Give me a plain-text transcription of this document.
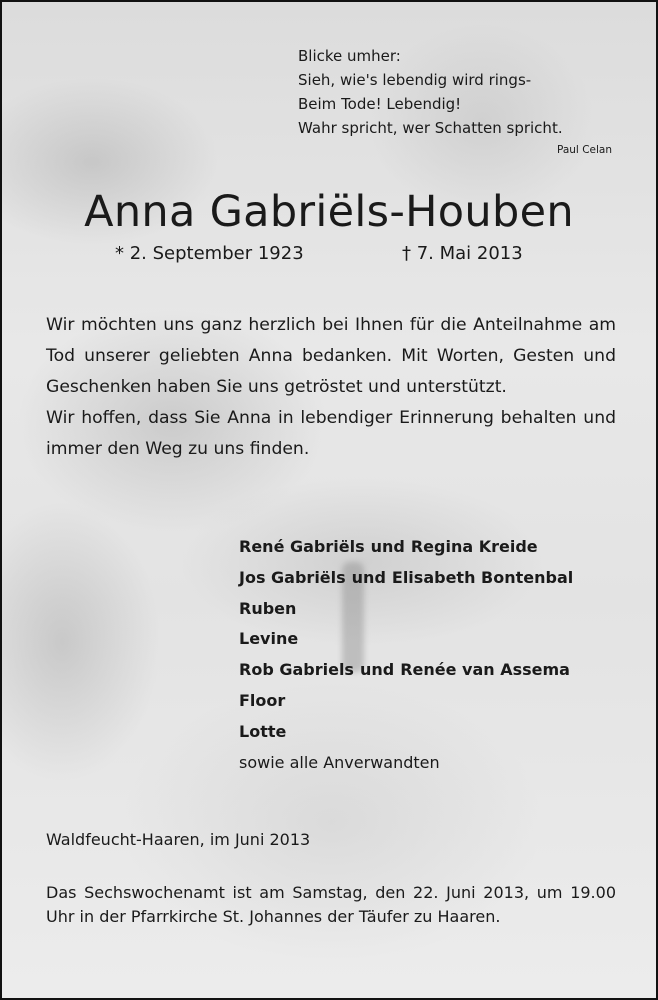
Blicke umher:
Sieh, wie's lebendig wird rings-
Beim Tode! Lebendig!
Wahr spricht, wer Schatten spricht.
Paul Celan
Anna Gabriëls-Houben
* 2. September 1923	† 7. Mai 2013

Wir möchten uns ganz herzlich bei Ihnen für die Anteilnahme am Tod unserer geliebten Anna bedanken. Mit Worten, Gesten und Geschenken haben Sie uns getröstet und unterstützt.

Wir hoffen, dass Sie Anna in lebendiger Erinnerung behalten und immer den Weg zu uns finden.

René Gabriëls und Regina Kreide
Jos Gabriëls und Elisabeth Bontenbal
Ruben
Levine
Rob Gabriels und Renée van Assema
Floor
Lotte
sowie alle Anverwandten
Waldfeucht-Haaren, im Juni 2013
Das Sechswochenamt ist am Samstag, den 22. Juni 2013, um 19.00 Uhr in der Pfarrkirche St. Johannes der Täufer zu Haaren.
